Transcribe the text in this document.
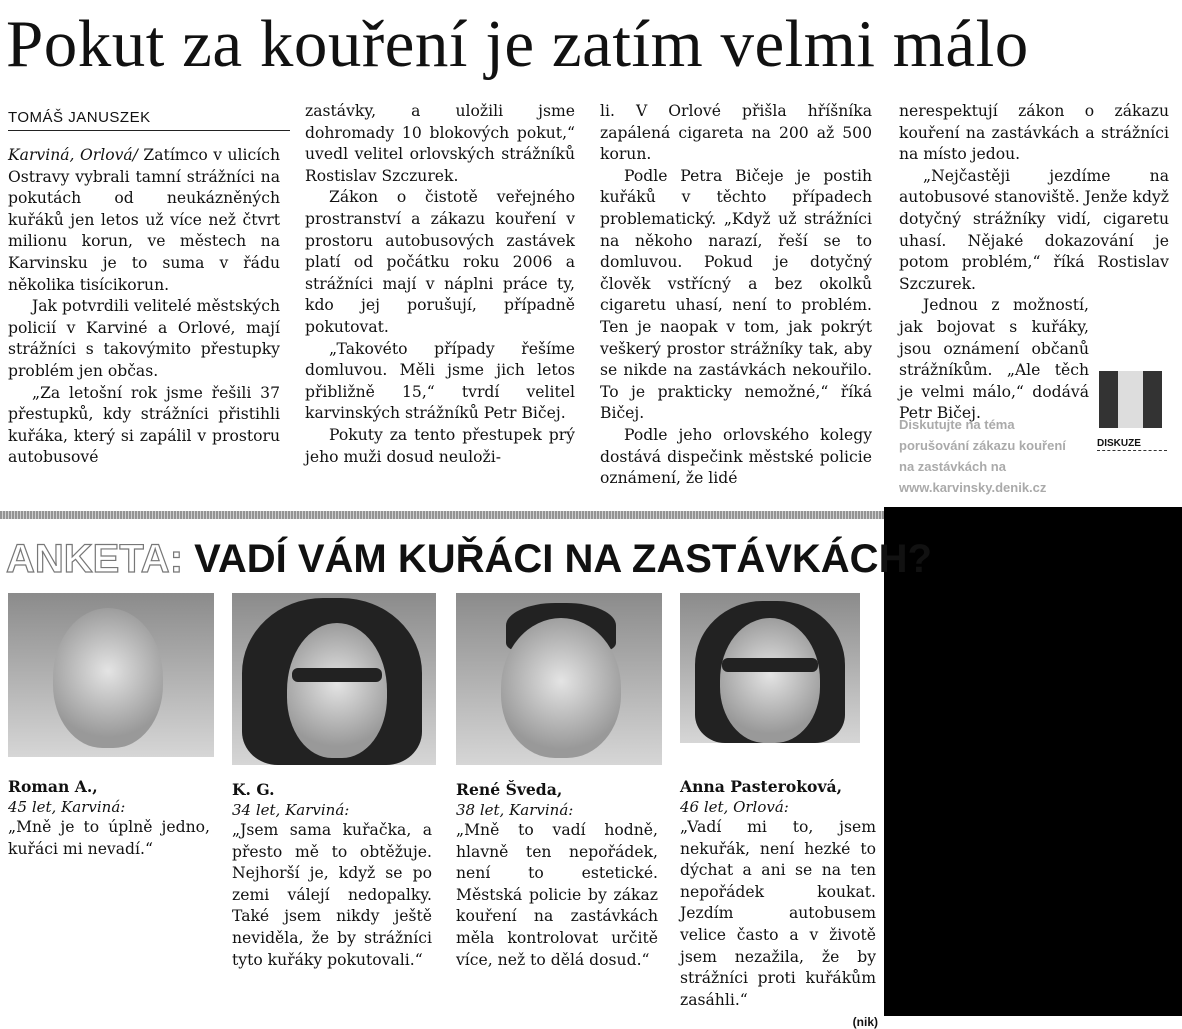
Pokut za kouření je zatím velmi málo
TOMÁŠ JANUSZEK

Karviná, Orlová/ Zatímco v ulicích Ostravy vybrali tamní strážníci na pokutách od neukázněných kuřáků jen letos už více než čtvrt milionu korun, ve městech na Karvinsku je to suma v řádu několika tisícikorun.

Jak potvrdili velitelé městských policií v Karviné a Orlové, mají strážníci s takovýmito přestupky problém jen občas.

„Za letošní rok jsme řešili 37 přestupků, kdy strážníci přistihli kuřáka, který si zapálil v prostoru autobusové

zastávky, a uložili jsme dohromady 10 blokových pokut,“ uvedl velitel orlovských strážníků Rostislav Szczurek.

Zákon o čistotě veřejného prostranství a zákazu kouření v prostoru autobusových zastávek platí od počátku roku 2006 a strážníci mají v náplni práce ty, kdo jej porušují, případně pokutovat.

„Takovéto případy řešíme domluvou. Měli jsme jich letos přibližně 15,“ tvrdí velitel karvinských strážníků Petr Bičej.

Pokuty za tento přestupek prý jeho muži dosud neuloži-

li. V Orlové přišla hříšníka zapálená cigareta na 200 až 500 korun.

Podle Petra Bičeje je postih kuřáků v těchto případech problematický. „Když už strážníci na někoho narazí, řeší se to domluvou. Pokud je dotyčný člověk vstřícný a bez okolků cigaretu uhasí, není to problém. Ten je naopak v tom, jak pokrýt veškerý prostor strážníky tak, aby se nikde na zastávkách nekouřilo. To je prakticky nemožné,“ říká Bičej.

Podle jeho orlovského kolegy dostává dispečink městské policie oznámení, že lidé

nerespektují zákon o zákazu kouření na zastávkách a strážníci na místo jedou.

„Nejčastěji jezdíme na autobusové stanoviště. Jenže když dotyčný strážníky vidí, cigaretu uhasí. Nějaké dokazování je potom problém,“ říká Rostislav Szczurek.

Jednou z možností, jak bojovat s kuřáky, jsou oznámení občanů strážníkům. „Ale těch je velmi málo,“ dodává Petr Bičej.

DISKUZE
Diskutujte na téma porušování zákazu kouření na zastávkách na www.karvinsky.denik.cz
ANKETA: VADÍ VÁM KUŘÁCI NA ZASTÁVKÁCH?
Roman A.,
45 let, Karviná:
„Mně je to úplně jedno, kuřáci mi nevadí.“
K. G.
34 let, Karviná:
„Jsem sama kuřačka, a přesto mě to obtěžuje. Nejhorší je, když se po zemi válejí nedopalky. Také jsem nikdy ještě neviděla, že by strážníci tyto kuřáky pokutovali.“
René Šveda,
38 let, Karviná:
„Mně to vadí hodně, hlavně ten nepořádek, není to estetické. Městská policie by zákaz kouření na zastávkách měla kontrolovat určitě více, než to dělá dosud.“
Anna Pasteroková,
46 let, Orlová:
„Vadí mi to, jsem nekuřák, není hezké to dýchat a ani se na ten nepořádek koukat. Jezdím autobusem velice často a v životě jsem nezažila, že by strážníci proti kuřákům zasáhli.“
(nik)
